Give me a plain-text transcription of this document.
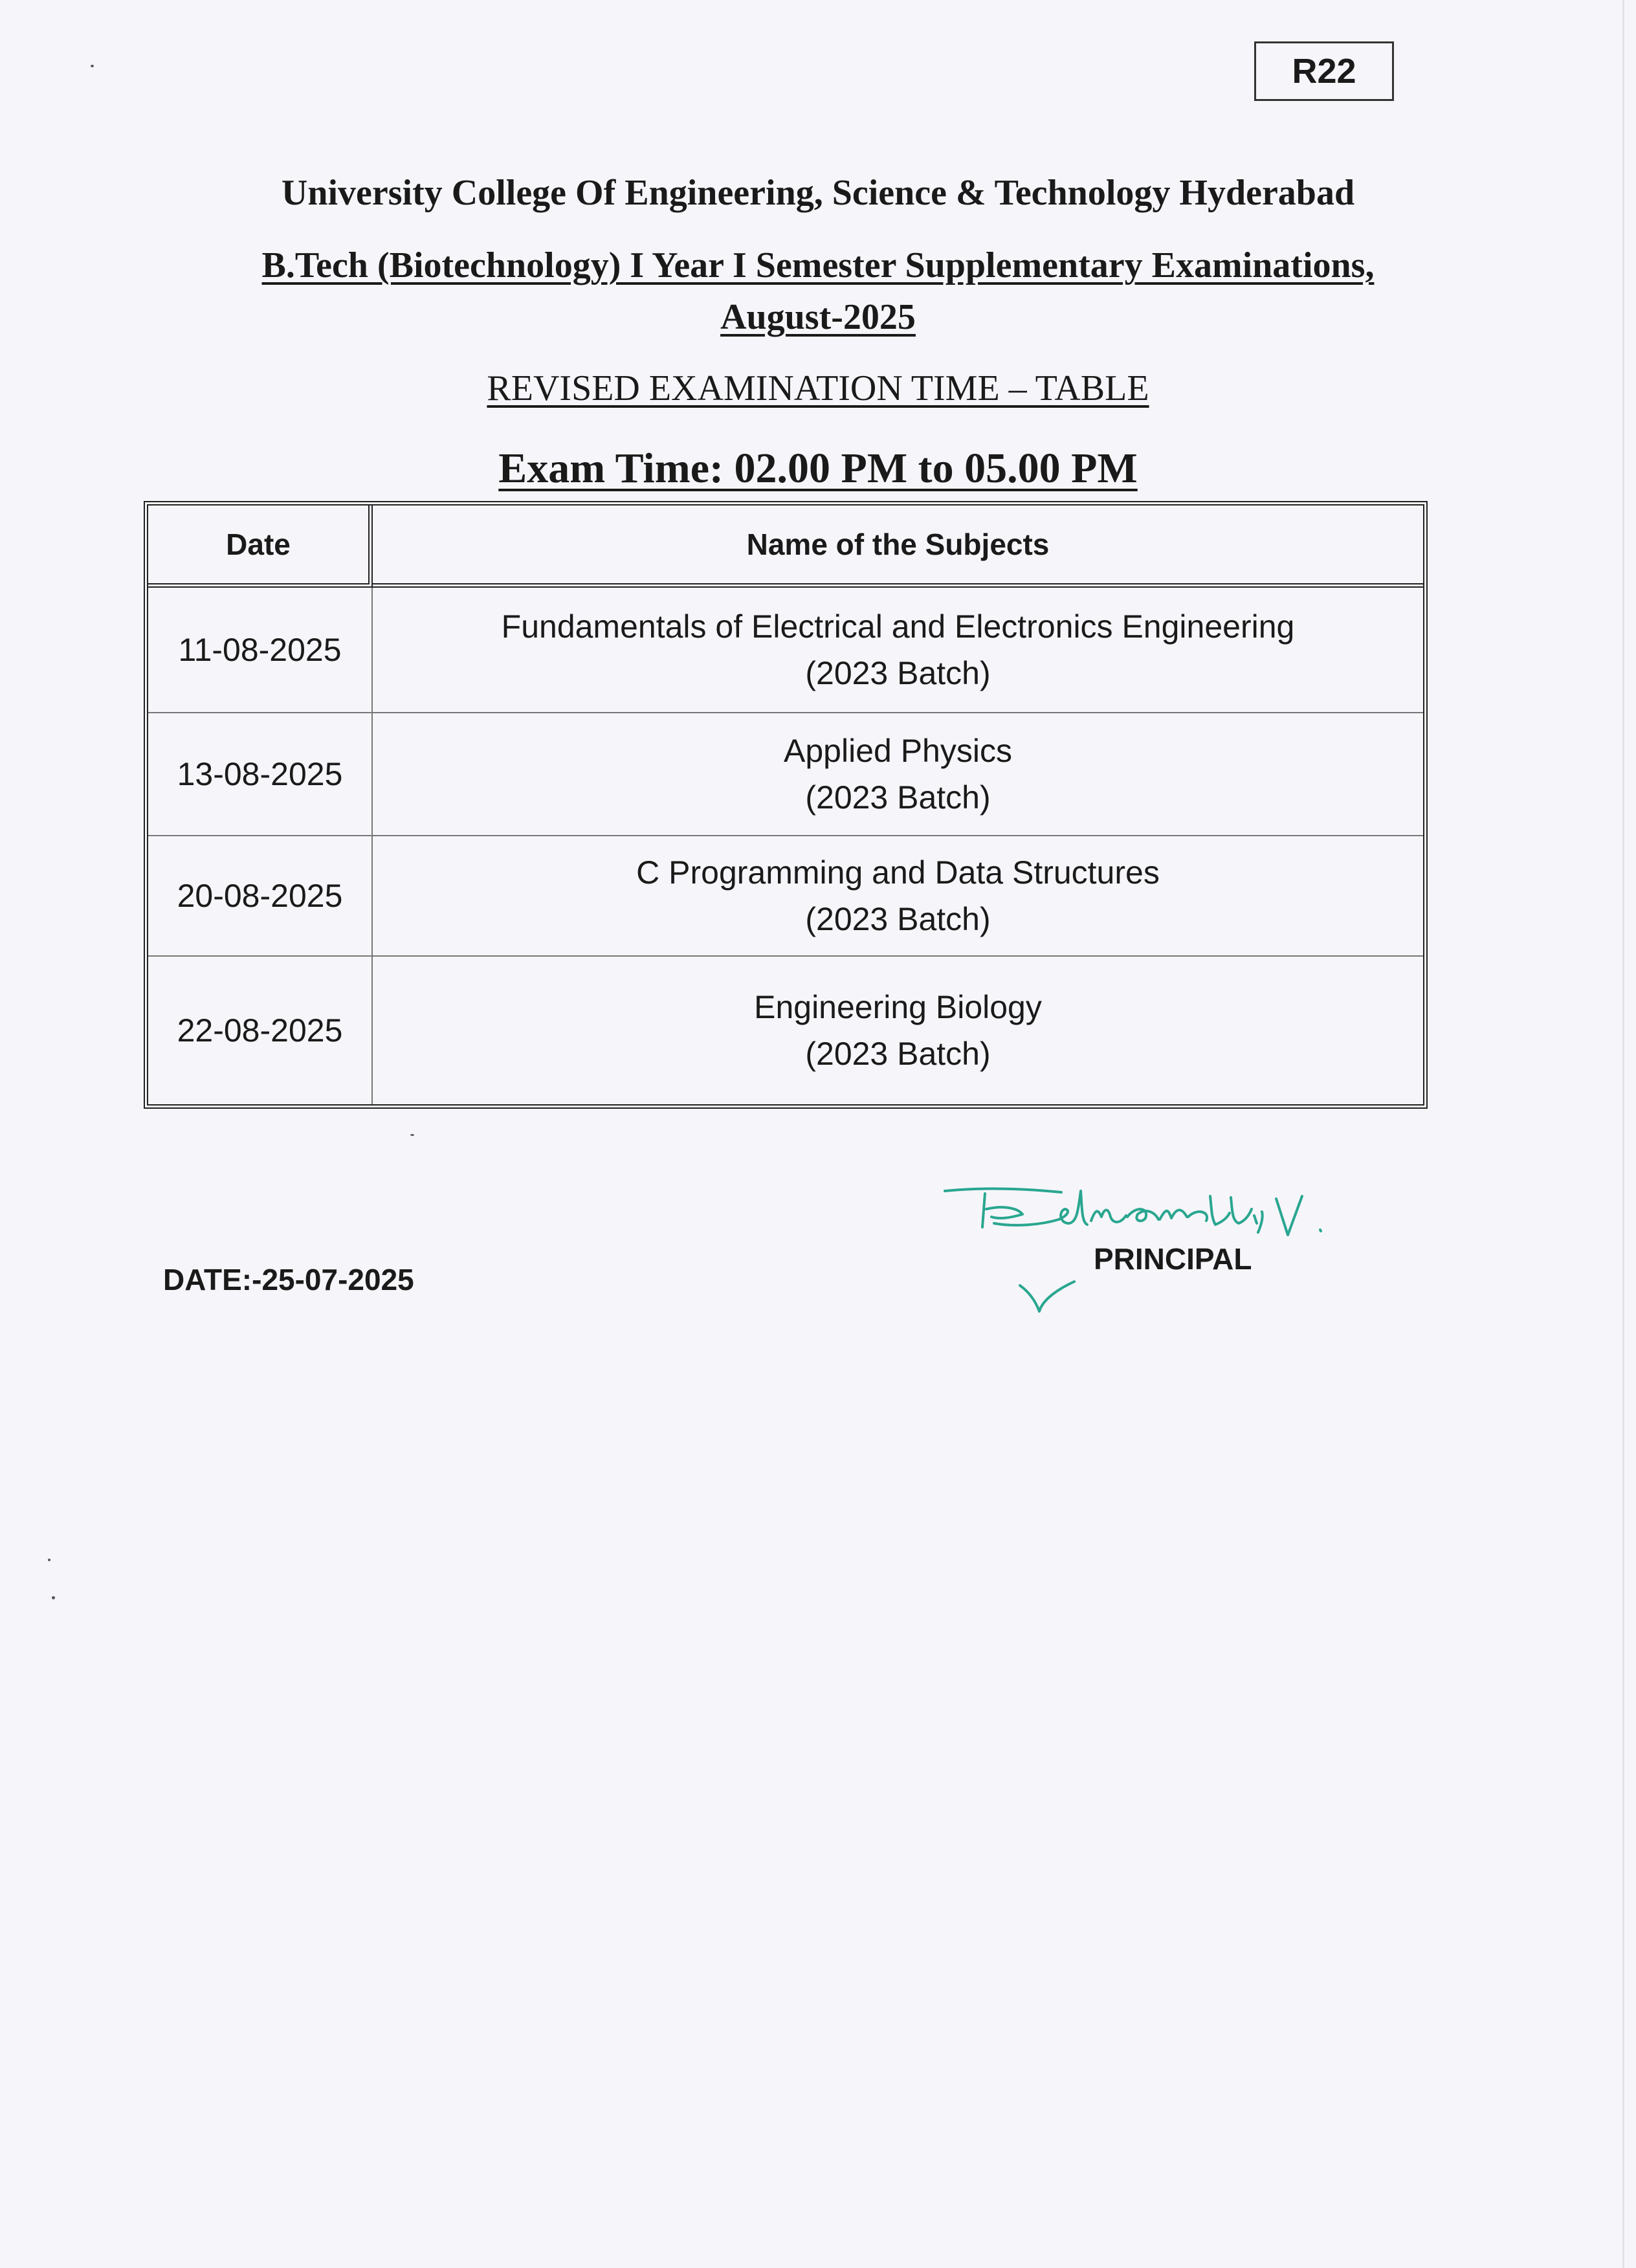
R22
University College Of Engineering, Science & Technology Hyderabad
B.Tech (Biotechnology) I Year I Semester Supplementary Examinations,
August-2025
REVISED EXAMINATION TIME – TABLE
Exam Time: 02.00 PM to 05.00 PM
Date	Name of the Subjects
11-08-2025	Fundamentals of Electrical and Electronics Engineering
(2023 Batch)

13-08-2025	Applied Physics
(2023 Batch)

20-08-2025	C Programming and Data Structures
(2023 Batch)

22-08-2025	Engineering Biology
(2023 Batch)
PRINCIPAL
DATE:-25-07-2025
